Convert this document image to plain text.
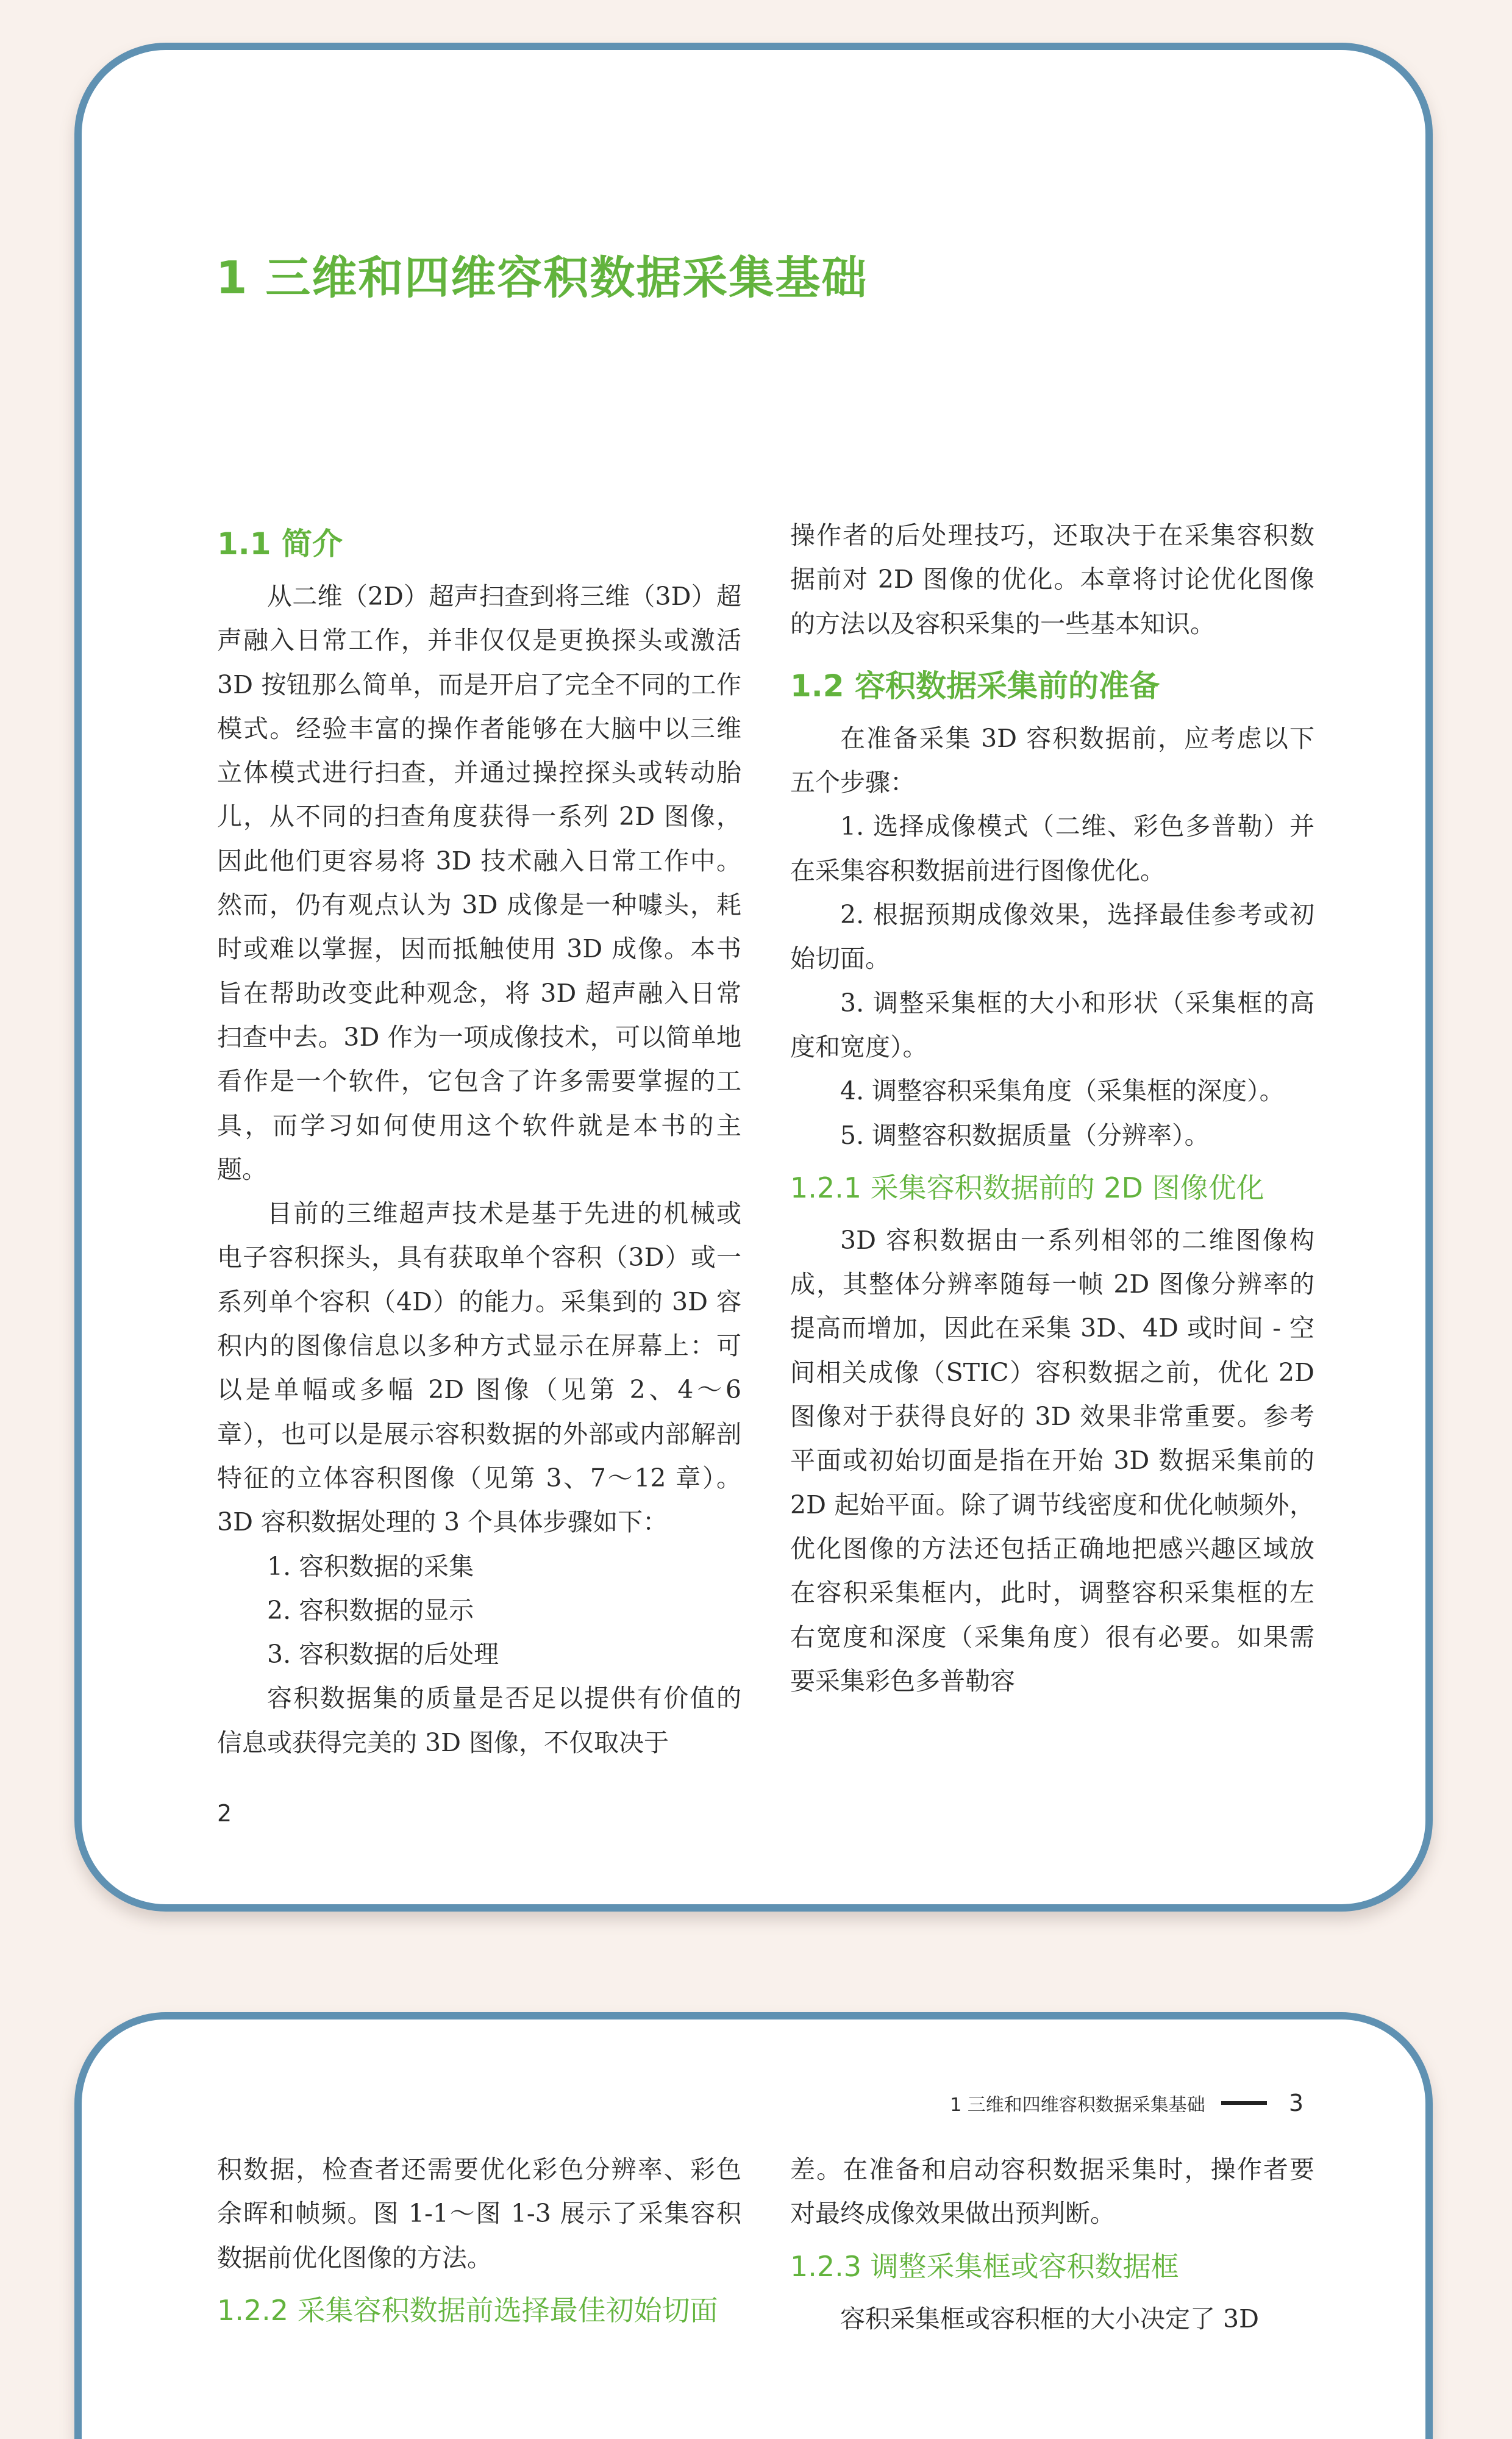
1 三维和四维容积数据采集基础
1.1 简介

从二维（2D）超声扫查到将三维（3D）超声融入日常工作，并非仅仅是更换探头或激活 3D 按钮那么简单，而是开启了完全不同的工作模式。经验丰富的操作者能够在大脑中以三维立体模式进行扫查，并通过操控探头或转动胎儿，从不同的扫查角度获得一系列 2D 图像，因此他们更容易将 3D 技术融入日常工作中。然而，仍有观点认为 3D 成像是一种噱头，耗时或难以掌握，因而抵触使用 3D 成像。本书旨在帮助改变此种观念，将 3D 超声融入日常扫查中去。3D 作为一项成像技术，可以简单地看作是一个软件，它包含了许多需要掌握的工具，而学习如何使用这个软件就是本书的主题。

目前的三维超声技术是基于先进的机械或电子容积探头，具有获取单个容积（3D）或一系列单个容积（4D）的能力。采集到的 3D 容积内的图像信息以多种方式显示在屏幕上：可以是单幅或多幅 2D 图像（见第 2、4～6 章），也可以是展示容积数据的外部或内部解剖特征的立体容积图像（见第 3、7～12 章）。3D 容积数据处理的 3 个具体步骤如下：

1. 容积数据的采集
2. 容积数据的显示
3. 容积数据的后处理

容积数据集的质量是否足以提供有价值的信息或获得完美的 3D 图像，不仅取决于

操作者的后处理技巧，还取决于在采集容积数据前对 2D 图像的优化。本章将讨论优化图像的方法以及容积采集的一些基本知识。

1.2 容积数据采集前的准备

在准备采集 3D 容积数据前，应考虑以下五个步骤：

1. 选择成像模式（二维、彩色多普勒）并在采集容积数据前进行图像优化。
2. 根据预期成像效果，选择最佳参考或初始切面。
3. 调整采集框的大小和形状（采集框的高度和宽度）。
4. 调整容积采集角度（采集框的深度）。
5. 调整容积数据质量（分辨率）。
1.2.1 采集容积数据前的 2D 图像优化

3D 容积数据由一系列相邻的二维图像构成，其整体分辨率随每一帧 2D 图像分辨率的提高而增加，因此在采集 3D、4D 或时间 - 空间相关成像（STIC）容积数据之前，优化 2D 图像对于获得良好的 3D 效果非常重要。参考平面或初始切面是指在开始 3D 数据采集前的 2D 起始平面。除了调节线密度和优化帧频外，优化图像的方法还包括正确地把感兴趣区域放在容积采集框内，此时，调整容积采集框的左右宽度和深度（采集角度）很有必要。如果需要采集彩色多普勒容

2
1 三维和四维容积数据采集基础	3

积数据，检查者还需要优化彩色分辨率、彩色余晖和帧频。图 1-1～图 1-3 展示了采集容积数据前优化图像的方法。

1.2.2 采集容积数据前选择最佳初始切面

差。在准备和启动容积数据采集时，操作者要对最终成像效果做出预判断。

1.2.3 调整采集框或容积数据框

容积采集框或容积框的大小决定了 3D
